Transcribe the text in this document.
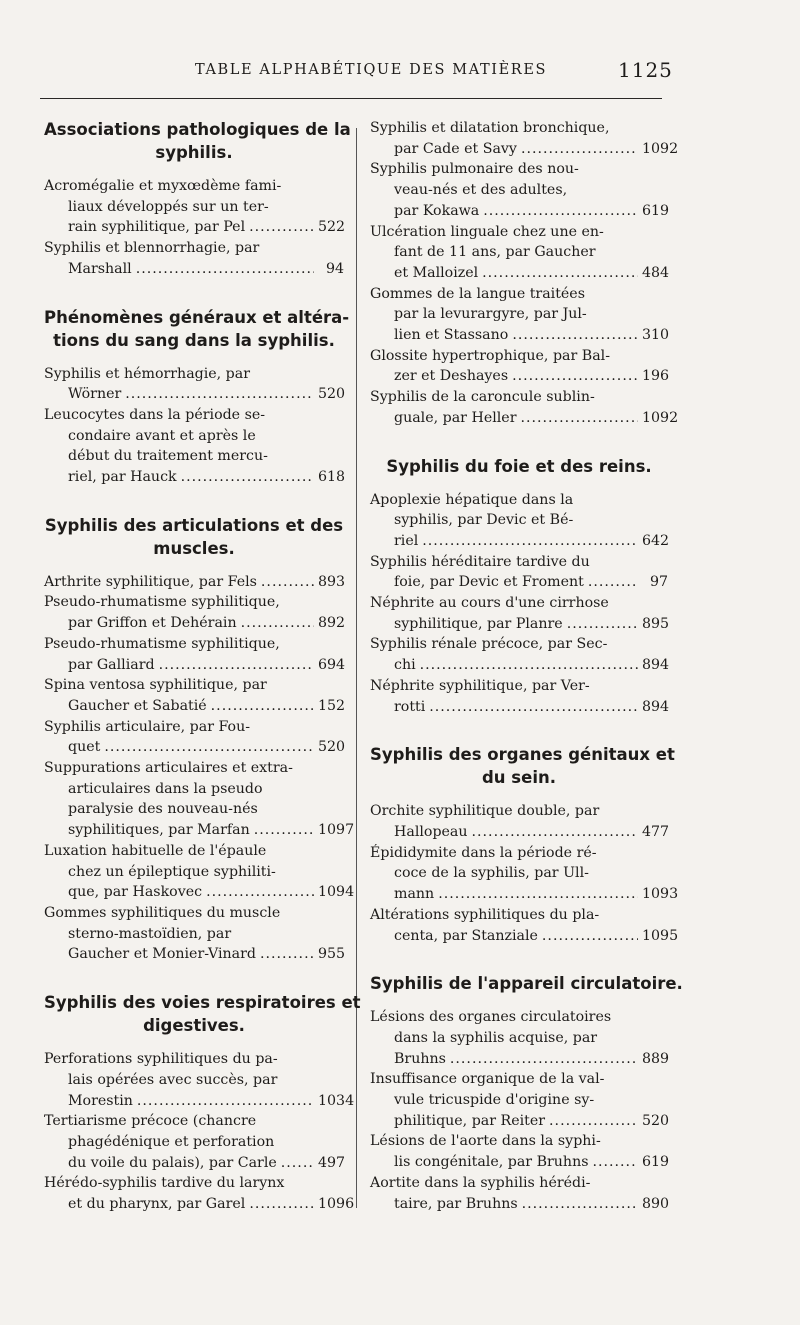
TABLE ALPHABÉTIQUE DES MATIÈRES	1125
Associations pathologiques de la
syphilis.

Acromégalie et myxœdème fami-
liaux développés sur un ter-
rain syphilitique, par Pel .....	522

Syphilis et blennorrhagie, par
Marshall .....	94

Phénomènes généraux et altéra-
tions du sang dans la syphilis.

Syphilis et hémorrhagie, par
Wörner .....	520

Leucocytes dans la période se-
condaire avant et après le
début du traitement mercu-
riel, par Hauck .....	618

Syphilis des articulations et des
muscles.

Arthrite syphilitique, par Fels .....	893

Pseudo-rhumatisme syphilitique,
par Griffon et Dehérain .....	892

Pseudo-rhumatisme syphilitique,
par Galliard .....	694

Spina ventosa syphilitique, par
Gaucher et Sabatié .....	152

Syphilis articulaire, par Fou-
quet .....	520

Suppurations articulaires et extra-
articulaires dans la pseudo
paralysie des nouveau-nés
syphilitiques, par Marfan .....	1097

Luxation habituelle de l'épaule
chez un épileptique syphiliti-
que, par Haskovec .....	1094

Gommes syphilitiques du muscle
sterno-mastoïdien, par
Gaucher et Monier-Vinard .....	955

Syphilis des voies respiratoires et
digestives.

Perforations syphilitiques du pa-
lais opérées avec succès, par
Morestin .....	1034

Tertiarisme précoce (chancre
phagédénique et perforation
du voile du palais), par Carle .....	497

Hérédo-syphilis tardive du larynx
et du pharynx, par Garel .....	1096

Syphilis et dilatation bronchique,
par Cade et Savy .....	1092

Syphilis pulmonaire des nou-
veau-nés et des adultes,
par Kokawa .....	619

Ulcération linguale chez une en-
fant de 11 ans, par Gaucher
et Malloizel .....	484

Gommes de la langue traitées
par la levurargyre, par Jul-
lien et Stassano .....	310

Glossite hypertrophique, par Bal-
zer et Deshayes .....	196

Syphilis de la caroncule sublin-
guale, par Heller .....	1092

Syphilis du foie et des reins.

Apoplexie hépatique dans la
syphilis, par Devic et Bé-
riel .....	642

Syphilis héréditaire tardive du
foie, par Devic et Froment .....	97

Néphrite au cours d'une cirrhose
syphilitique, par Planre .....	895

Syphilis rénale précoce, par Sec-
chi .....	894

Néphrite syphilitique, par Ver-
rotti .....	894

Syphilis des organes génitaux et
du sein.

Orchite syphilitique double, par
Hallopeau .....	477

Épididymite dans la période ré-
coce de la syphilis, par Ull-
mann .....	1093

Altérations syphilitiques du pla-
centa, par Stanziale .....	1095

Syphilis de l'appareil circulatoire.

Lésions des organes circulatoires
dans la syphilis acquise, par
Bruhns .....	889

Insuffisance organique de la val-
vule tricuspide d'origine sy-
philitique, par Reiter .....	520

Lésions de l'aorte dans la syphi-
lis congénitale, par Bruhns .....	619

Aortite dans la syphilis hérédi-
taire, par Bruhns .....	890
